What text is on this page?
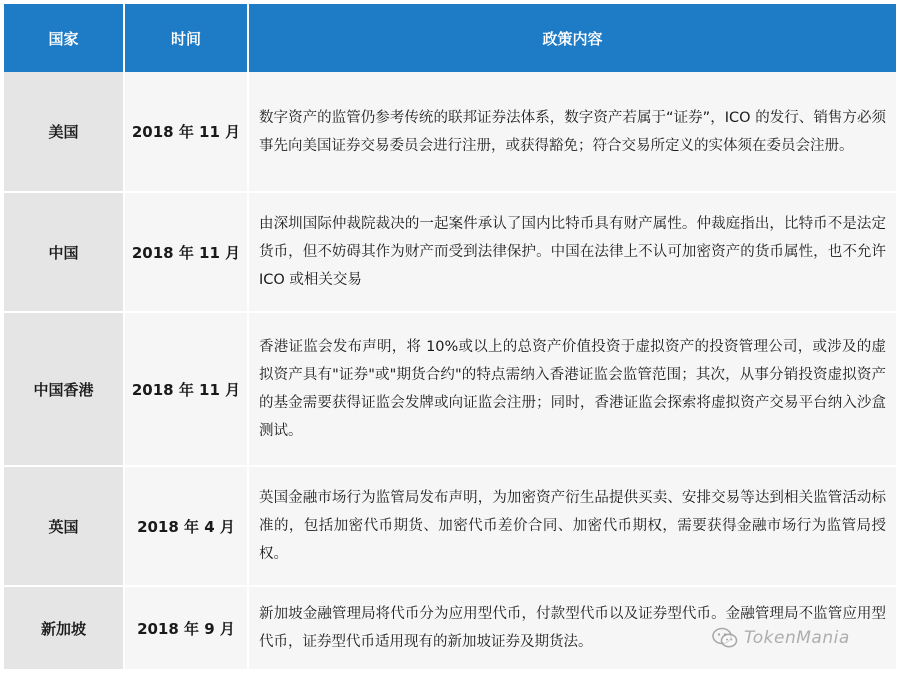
国家	时间	政策内容
美国	2018 年 11 月	数字资产的监管仍参考传统的联邦证券法体系，数字资产若属于“证券”，ICO 的发行、销售方必须事先向美国证券交易委员会进行注册，或获得豁免；符合交易所定义的实体须在委员会注册。
中国	2018 年 11 月	由深圳国际仲裁院裁决的一起案件承认了国内比特币具有财产属性。仲裁庭指出，比特币不是法定货币，但不妨碍其作为财产而受到法律保护。中国在法律上不认可加密资产的货币属性，也不允许 ICO 或相关交易
中国香港	2018 年 11 月	香港证监会发布声明，将 10%或以上的总资产价值投资于虚拟资产的投资管理公司，或涉及的虚拟资产具有"证券"或"期货合约"的特点需纳入香港证监会监管范围；其次，从事分销投资虚拟资产的基金需要获得证监会发牌或向证监会注册；同时，香港证监会探索将虚拟资产交易平台纳入沙盒测试。
英国	2018 年 4 月	英国金融市场行为监管局发布声明，为加密资产衍生品提供买卖、安排交易等达到相关监管活动标准的，包括加密代币期货、加密代币差价合同、加密代币期权，需要获得金融市场行为监管局授权。
新加坡	2018 年 9 月	新加坡金融管理局将代币分为应用型代币，付款型代币以及证券型代币。金融管理局不监管应用型代币，证券型代币适用现有的新加坡证券及期货法。	TokenMania
